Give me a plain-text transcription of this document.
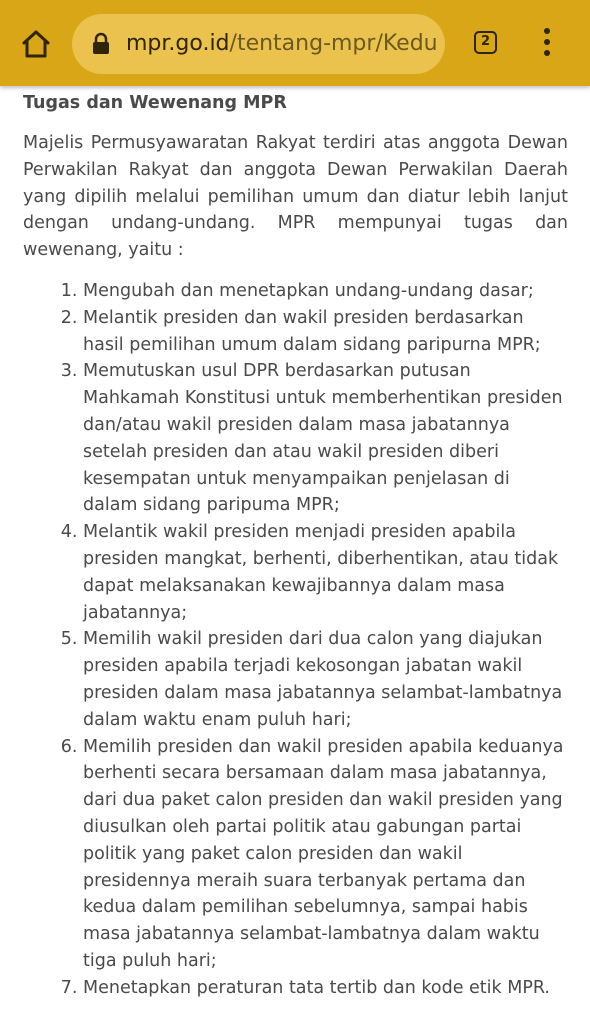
mpr.go.id/tentang-mpr/Kedu	2
Tugas dan Wewenang MPR

Majelis Permusyawaratan Rakyat terdiri atas anggota Dewan Perwakilan Rakyat dan anggota Dewan Perwakilan Daerah yang dipilih melalui pemilihan umum dan diatur lebih lanjut dengan undang-undang. MPR mempunyai tugas dan wewenang, yaitu :

1. Mengubah dan menetapkan undang-undang dasar;
2. Melantik presiden dan wakil presiden berdasarkan hasil pemilihan umum dalam sidang paripurna MPR;
3. Memutuskan usul DPR berdasarkan putusan Mahkamah Konstitusi untuk memberhentikan presiden dan/atau wakil presiden dalam masa jabatannya setelah presiden dan atau wakil presiden diberi kesempatan untuk menyampaikan penjelasan di dalam sidang paripuma MPR;
4. Melantik wakil presiden menjadi presiden apabila presiden mangkat, berhenti, diberhentikan, atau tidak dapat melaksanakan kewajibannya dalam masa jabatannya;
5. Memilih wakil presiden dari dua calon yang diajukan presiden apabila terjadi kekosongan jabatan wakil presiden dalam masa jabatannya selambat-lambatnya dalam waktu enam puluh hari;
6. Memilih presiden dan wakil presiden apabila keduanya berhenti secara bersamaan dalam masa jabatannya, dari dua paket calon presiden dan wakil presiden yang diusulkan oleh partai politik atau gabungan partai politik yang paket calon presiden dan wakil presidennya meraih suara terbanyak pertama dan kedua dalam pemilihan sebelumnya, sampai habis masa jabatannya selambat-lambatnya dalam waktu tiga puluh hari;
7. Menetapkan peraturan tata tertib dan kode etik MPR.
